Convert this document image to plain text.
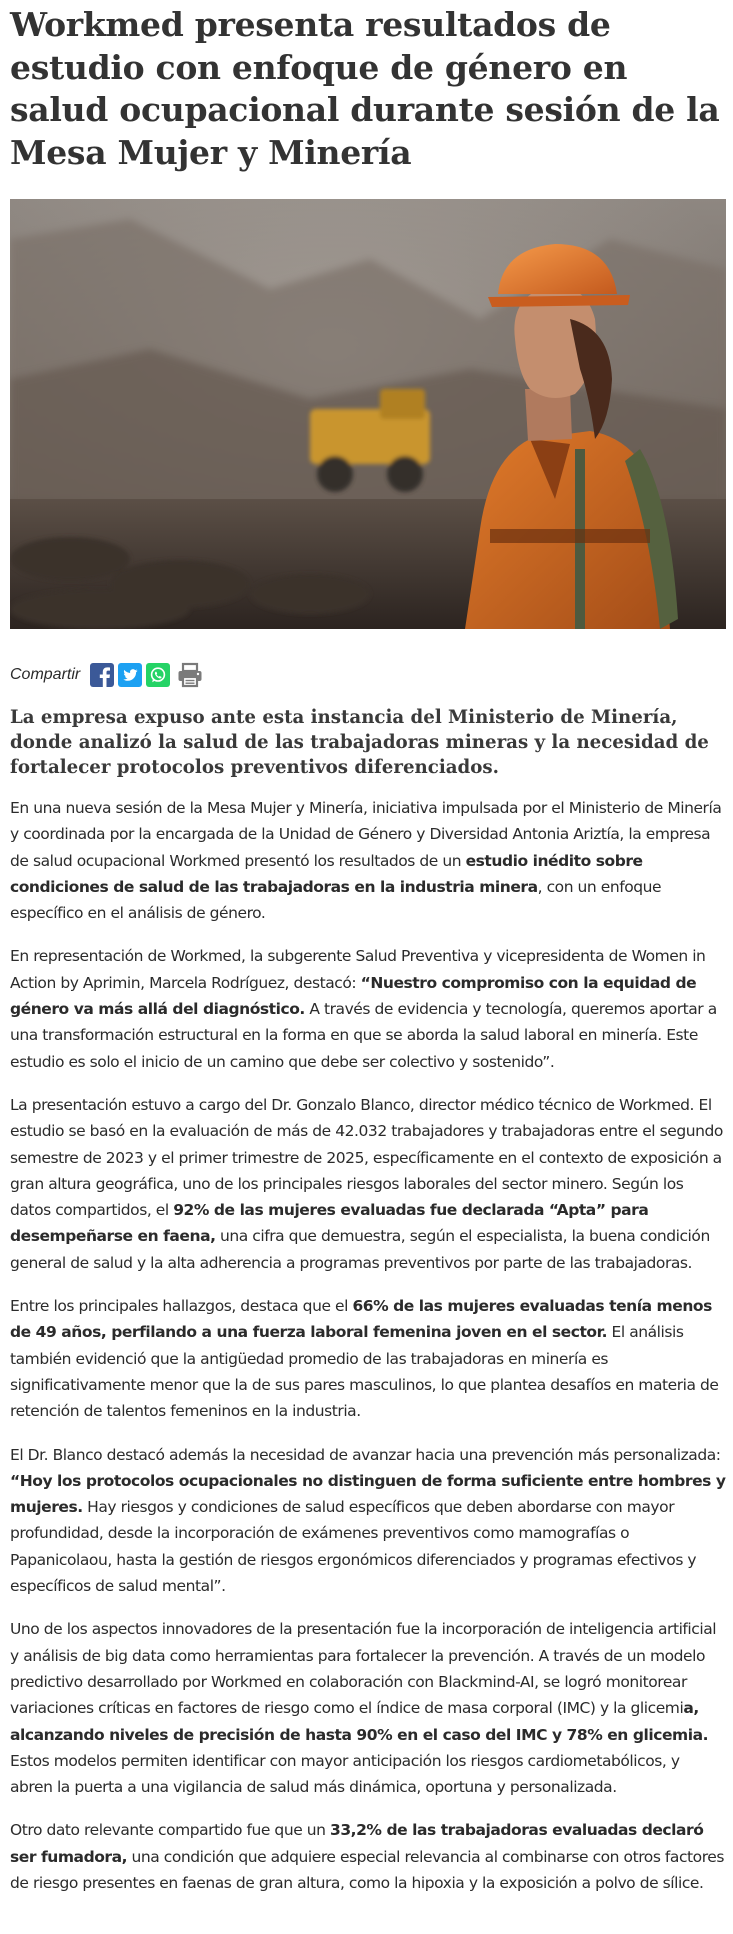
Workmed presenta resultados de estudio con enfoque de género en salud ocupacional durante sesión de la Mesa Mujer y Minería
Compartir

La empresa expuso ante esta instancia del Ministerio de Minería, donde analizó la salud de las trabajadoras mineras y la necesidad de fortalecer protocolos preventivos diferenciados.

En una nueva sesión de la Mesa Mujer y Minería, iniciativa impulsada por el Ministerio de Minería y coordinada por la encargada de la Unidad de Género y Diversidad Antonia Ariztía, la empresa de salud ocupacional Workmed presentó los resultados de un estudio inédito sobre condiciones de salud de las trabajadoras en la industria minera, con un enfoque específico en el análisis de género.

En representación de Workmed, la subgerente Salud Preventiva y vicepresidenta de Women in Action by Aprimin, Marcela Rodríguez, destacó: “Nuestro compromiso con la equidad de género va más allá del diagnóstico. A través de evidencia y tecnología, queremos aportar a una transformación estructural en la forma en que se aborda la salud laboral en minería. Este estudio es solo el inicio de un camino que debe ser colectivo y sostenido”.

La presentación estuvo a cargo del Dr. Gonzalo Blanco, director médico técnico de Workmed. El estudio se basó en la evaluación de más de 42.032 trabajadores y trabajadoras entre el segundo semestre de 2023 y el primer trimestre de 2025, específicamente en el contexto de exposición a gran altura geográfica, uno de los principales riesgos laborales del sector minero. Según los datos compartidos, el 92% de las mujeres evaluadas fue declarada “Apta” para desempeñarse en faena, una cifra que demuestra, según el especialista, la buena condición general de salud y la alta adherencia a programas preventivos por parte de las trabajadoras.

Entre los principales hallazgos, destaca que el 66% de las mujeres evaluadas tenía menos de 49 años, perfilando a una fuerza laboral femenina joven en el sector. El análisis también evidenció que la antigüedad promedio de las trabajadoras en minería es significativamente menor que la de sus pares masculinos, lo que plantea desafíos en materia de retención de talentos femeninos en la industria.

El Dr. Blanco destacó además la necesidad de avanzar hacia una prevención más personalizada: “Hoy los protocolos ocupacionales no distinguen de forma suficiente entre hombres y mujeres. Hay riesgos y condiciones de salud específicos que deben abordarse con mayor profundidad, desde la incorporación de exámenes preventivos como mamografías o Papanicolaou, hasta la gestión de riesgos ergonómicos diferenciados y programas efectivos y específicos de salud mental”.

Uno de los aspectos innovadores de la presentación fue la incorporación de inteligencia artificial y análisis de big data como herramientas para fortalecer la prevención. A través de un modelo predictivo desarrollado por Workmed en colaboración con Blackmind-AI, se logró monitorear variaciones críticas en factores de riesgo como el índice de masa corporal (IMC) y la glicemia, alcanzando niveles de precisión de hasta 90% en el caso del IMC y 78% en glicemia. Estos modelos permiten identificar con mayor anticipación los riesgos cardiometabólicos, y abren la puerta a una vigilancia de salud más dinámica, oportuna y personalizada.

Otro dato relevante compartido fue que un 33,2% de las trabajadoras evaluadas declaró ser fumadora, una condición que adquiere especial relevancia al combinarse con otros factores de riesgo presentes en faenas de gran altura, como la hipoxia y la exposición a polvo de sílice.
